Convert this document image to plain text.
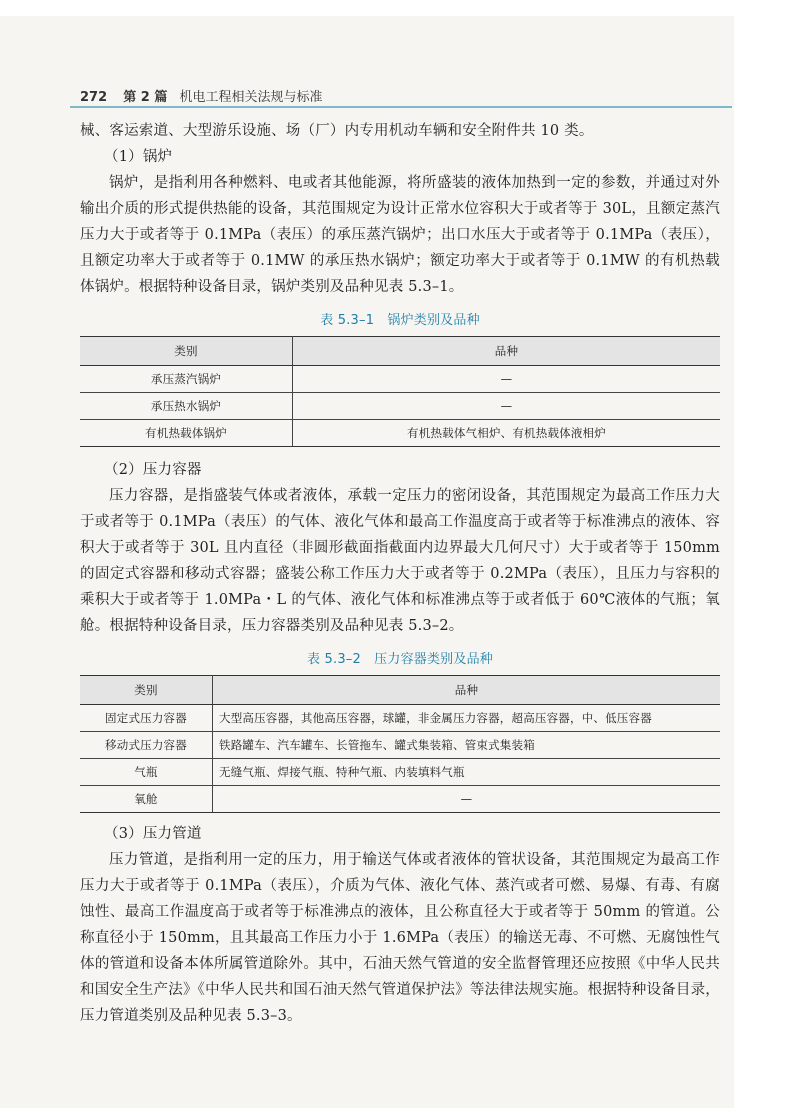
272 第 2 篇 机电工程相关法规与标准

械、客运索道、大型游乐设施、场（厂）内专用机动车辆和安全附件共 10 类。

（1）锅炉

锅炉，是指利用各种燃料、电或者其他能源，将所盛装的液体加热到一定的参数，并通过对外输出介质的形式提供热能的设备，其范围规定为设计正常水位容积大于或者等于 30L，且额定蒸汽压力大于或者等于 0.1MPa（表压）的承压蒸汽锅炉；出口水压大于或者等于 0.1MPa（表压），且额定功率大于或者等于 0.1MW 的承压热水锅炉；额定功率大于或者等于 0.1MW 的有机热载体锅炉。根据特种设备目录，锅炉类别及品种见表 5.3–1。

表 5.3–1　锅炉类别及品种
类别	品种
承压蒸汽锅炉	—
承压热水锅炉	—
有机热载体锅炉	有机热载体气相炉、有机热载体液相炉

（2）压力容器

压力容器，是指盛装气体或者液体，承载一定压力的密闭设备，其范围规定为最高工作压力大于或者等于 0.1MPa（表压）的气体、液化气体和最高工作温度高于或者等于标准沸点的液体、容积大于或者等于 30L 且内直径（非圆形截面指截面内边界最大几何尺寸）大于或者等于 150mm 的固定式容器和移动式容器；盛装公称工作压力大于或者等于 0.2MPa（表压），且压力与容积的乘积大于或者等于 1.0MPa・L 的气体、液化气体和标准沸点等于或者低于 60℃液体的气瓶；氧舱。根据特种设备目录，压力容器类别及品种见表 5.3–2。

表 5.3–2　压力容器类别及品种
类别	品种
固定式压力容器	大型高压容器，其他高压容器，球罐，非金属压力容器，超高压容器，中、低压容器
移动式压力容器	铁路罐车、汽车罐车、长管拖车、罐式集装箱、管束式集装箱
气瓶	无缝气瓶、焊接气瓶、特种气瓶、内装填料气瓶
氧舱	—

（3）压力管道

压力管道，是指利用一定的压力，用于输送气体或者液体的管状设备，其范围规定为最高工作压力大于或者等于 0.1MPa（表压），介质为气体、液化气体、蒸汽或者可燃、易爆、有毒、有腐蚀性、最高工作温度高于或者等于标准沸点的液体，且公称直径大于或者等于 50mm 的管道。公称直径小于 150mm，且其最高工作压力小于 1.6MPa（表压）的输送无毒、不可燃、无腐蚀性气体的管道和设备本体所属管道除外。其中，石油天然气管道的安全监督管理还应按照《中华人民共和国安全生产法》《中华人民共和国石油天然气管道保护法》等法律法规实施。根据特种设备目录，压力管道类别及品种见表 5.3–3。
